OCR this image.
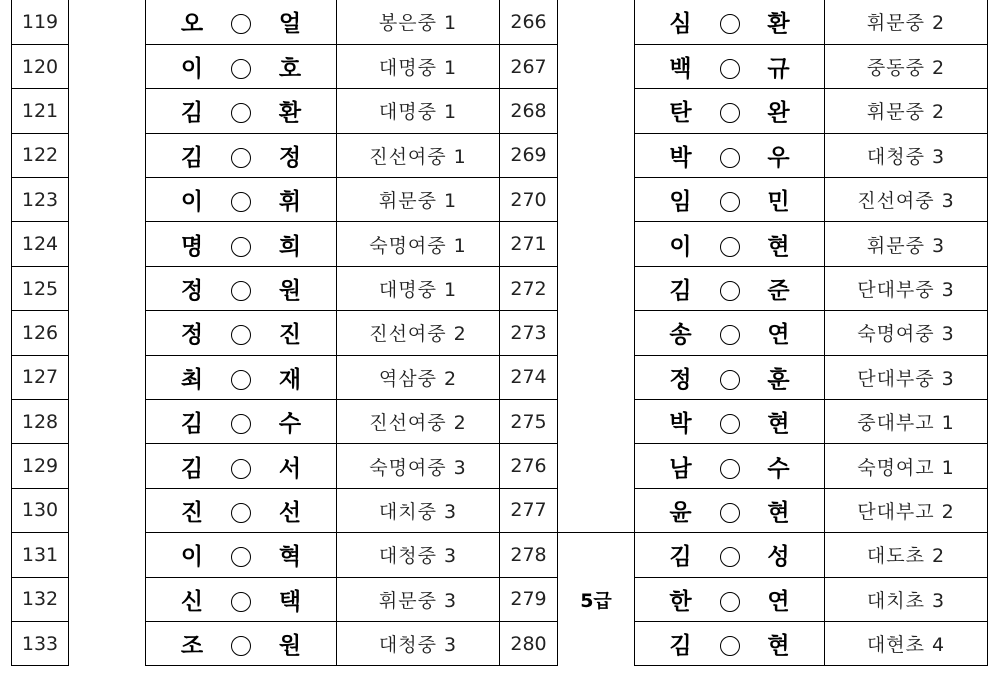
119		오 얼	봉은중 1	266		심 환	휘문중 2
120		이 호	대명중 1	267		백 규	중동중 2
121		김 환	대명중 1	268		탄 완	휘문중 2
122		김 정	진선여중 1	269		박 우	대청중 3
123		이 휘	휘문중 1	270		임 민	진선여중 3
124		명 희	숙명여중 1	271		이 현	휘문중 3
125		정 원	대명중 1	272		김 준	단대부중 3
126		정 진	진선여중 2	273		송 연	숙명여중 3
127		최 재	역삼중 2	274		정 훈	단대부중 3
128		김 수	진선여중 2	275		박 현	중대부고 1
129		김 서	숙명여중 3	276		남 수	숙명여고 1
130		진 선	대치중 3	277		윤 현	단대부고 2
131		이 혁	대청중 3	278	5급	김 성	대도초 2
132		신 택	휘문중 3	279		한 연	대치초 3
133		조 원	대청중 3	280		김 현	대현초 4
